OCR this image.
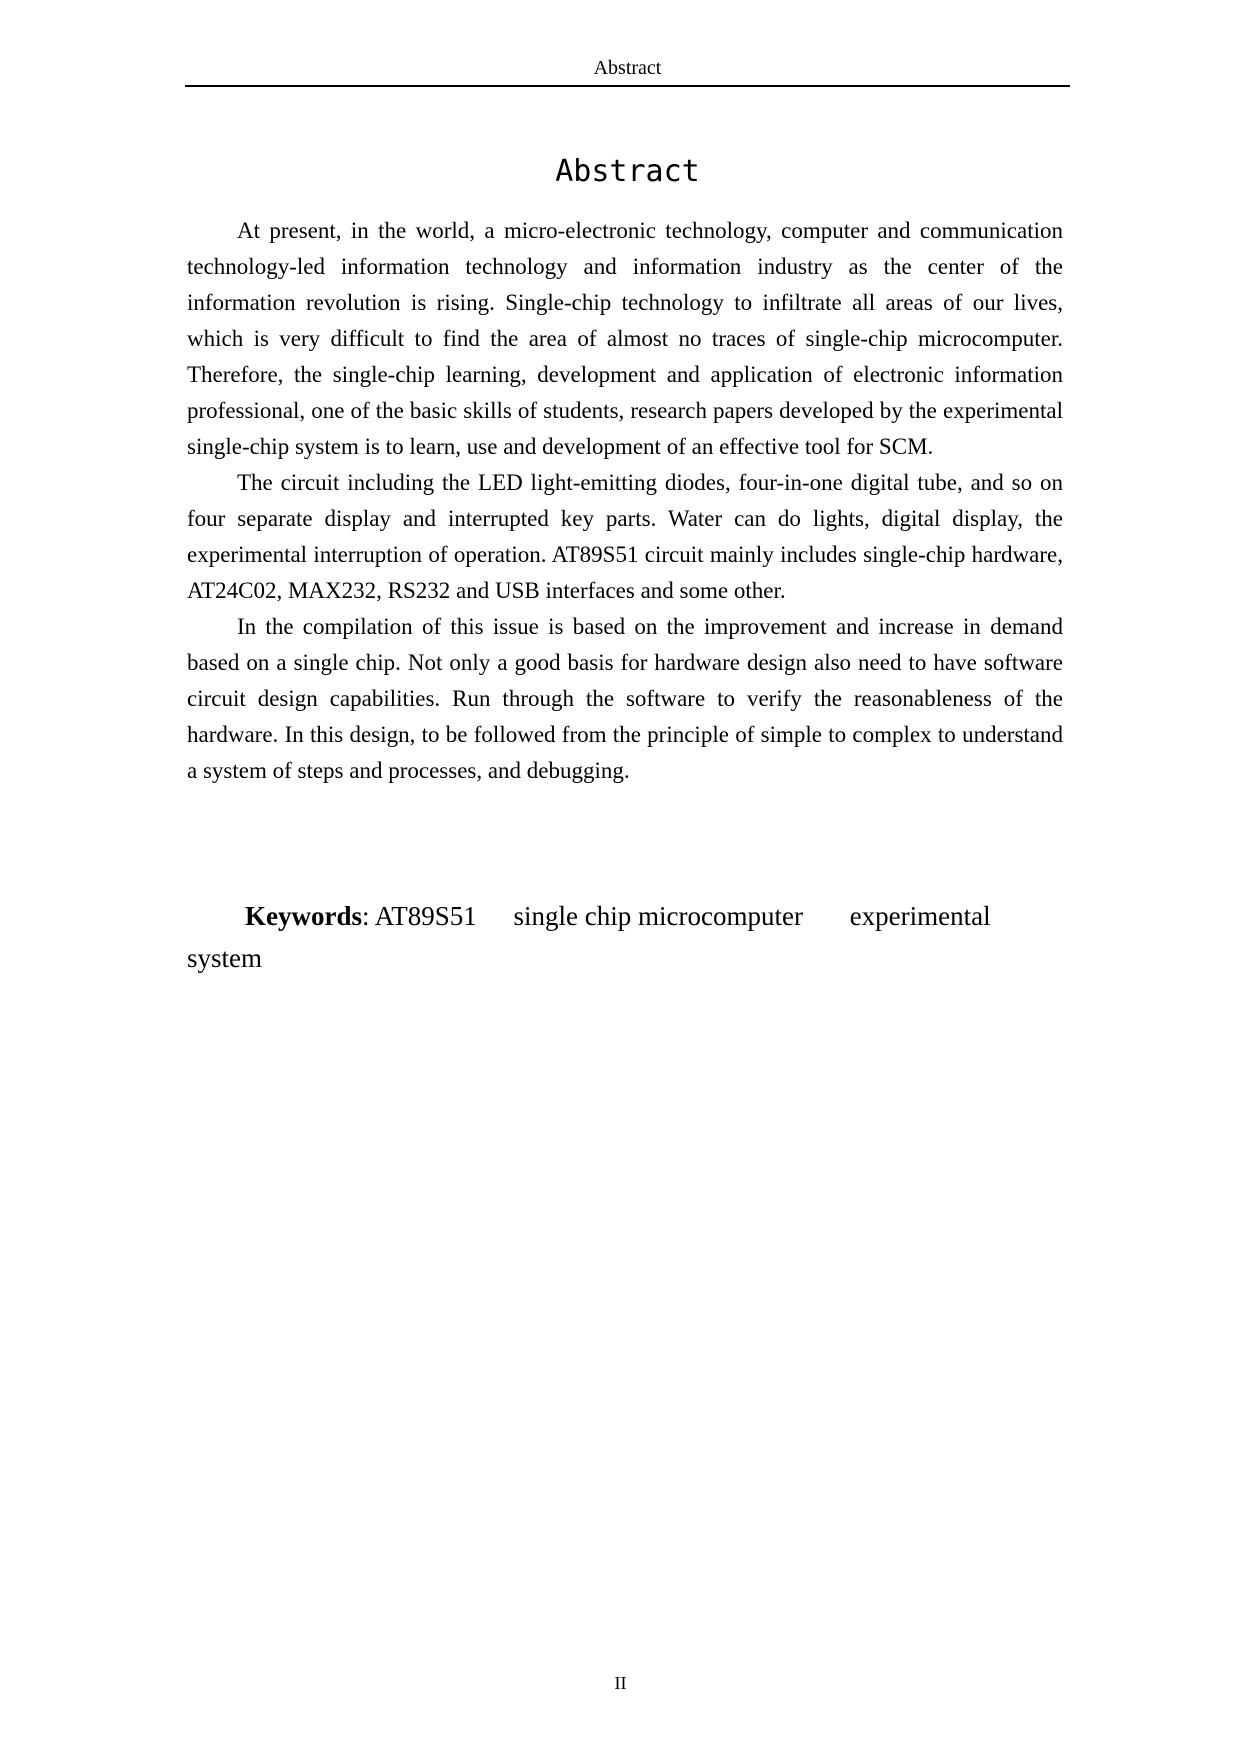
Abstract
Abstract

At present, in the world, a micro-electronic technology, computer and communication technology-led information technology and information industry as the center of the information revolution is rising. Single-chip technology to infiltrate all areas of our lives, which is very difficult to find the area of almost no traces of single-chip microcomputer. Therefore, the single-chip learning, development and application of electronic information professional, one of the basic skills of students, research papers developed by the experimental single-chip system is to learn, use and development of an effective tool for SCM.

The circuit including the LED light-emitting diodes, four-in-one digital tube, and so on four separate display and interrupted key parts. Water can do lights, digital display, the experimental interruption of operation. AT89S51 circuit mainly includes single-chip hardware, AT24C02, MAX232, RS232 and USB interfaces and some other.

In the compilation of this issue is based on the improvement and increase in demand based on a single chip. Not only a good basis for hardware design also need to have software circuit design capabilities. Run through the software to verify the reasonableness of the hardware. In this design, to be followed from the principle of simple to complex to understand a system of steps and processes, and debugging.

Keywords: AT89S51 single chip microcomputer experimental system

II
